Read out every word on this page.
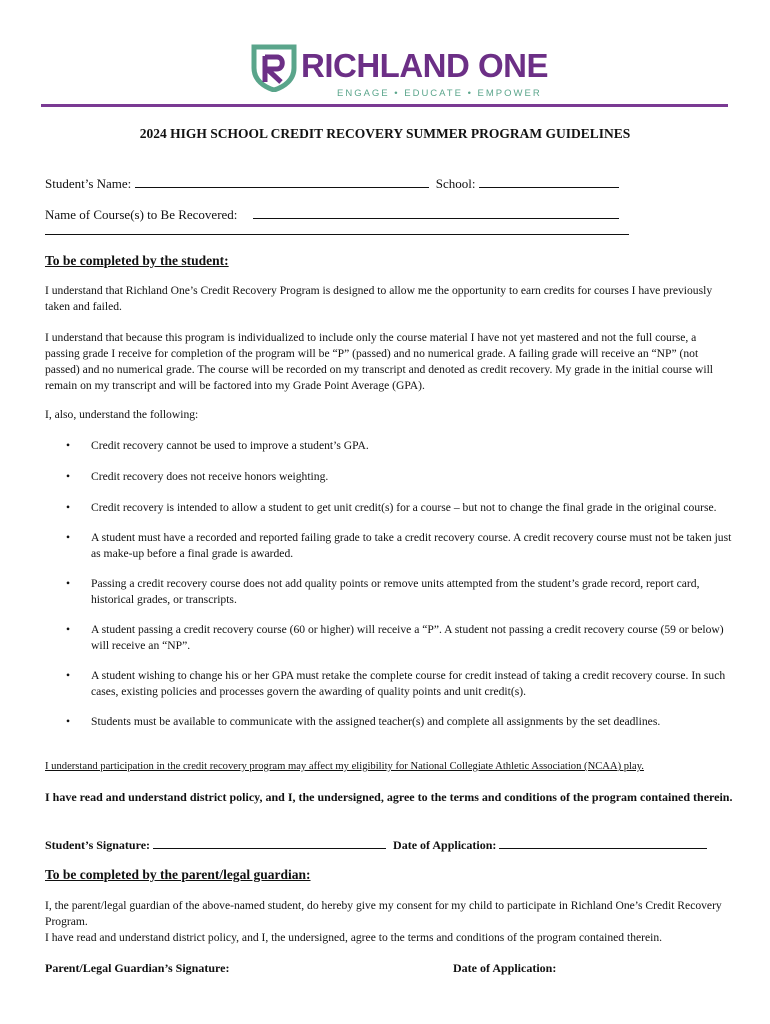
RICHLAND ONE
ENGAGE • EDUCATE • EMPOWER
2024 HIGH SCHOOL CREDIT RECOVERY SUMMER PROGRAM GUIDELINES
Student’s Name:	School:
Name of Course(s) to Be Recovered:
To be completed by the student:
I understand that Richland One’s Credit Recovery Program is designed to allow me the opportunity to earn credits for courses I have previously taken and failed.
I understand that because this program is individualized to include only the course material I have not yet mastered and not the full course, a passing grade I receive for completion of the program will be “P” (passed) and no numerical grade. A failing grade will receive an “NP” (not passed) and no numerical grade. The course will be recorded on my transcript and denoted as credit recovery. My grade in the initial course will remain on my transcript and will be factored into my Grade Point Average (GPA).
I, also, understand the following:
• Credit recovery cannot be used to improve a student’s GPA.
• Credit recovery does not receive honors weighting.
• Credit recovery is intended to allow a student to get unit credit(s) for a course – but not to change the final grade in the original course.
• A student must have a recorded and reported failing grade to take a credit recovery course. A credit recovery course must not be taken just as make-up before a final grade is awarded.
• Passing a credit recovery course does not add quality points or remove units attempted from the student’s grade record, report card, historical grades, or transcripts.
• A student passing a credit recovery course (60 or higher) will receive a “P”. A student not passing a credit recovery course (59 or below) will receive an “NP”.
• A student wishing to change his or her GPA must retake the complete course for credit instead of taking a credit recovery course. In such cases, existing policies and processes govern the awarding of quality points and unit credit(s).
• Students must be available to communicate with the assigned teacher(s) and complete all assignments by the set deadlines.
I understand participation in the credit recovery program may affect my eligibility for National Collegiate Athletic Association (NCAA) play.
I have read and understand district policy, and I, the undersigned, agree to the terms and conditions of the program contained therein.
Student’s Signature:	Date of Application:
To be completed by the parent/legal guardian:
I, the parent/legal guardian of the above-named student, do hereby give my consent for my child to participate in Richland One’s Credit Recovery Program.
I have read and understand district policy, and I, the undersigned, agree to the terms and conditions of the program contained therein.
Parent/Legal Guardian’s Signature:	Date of Application:
